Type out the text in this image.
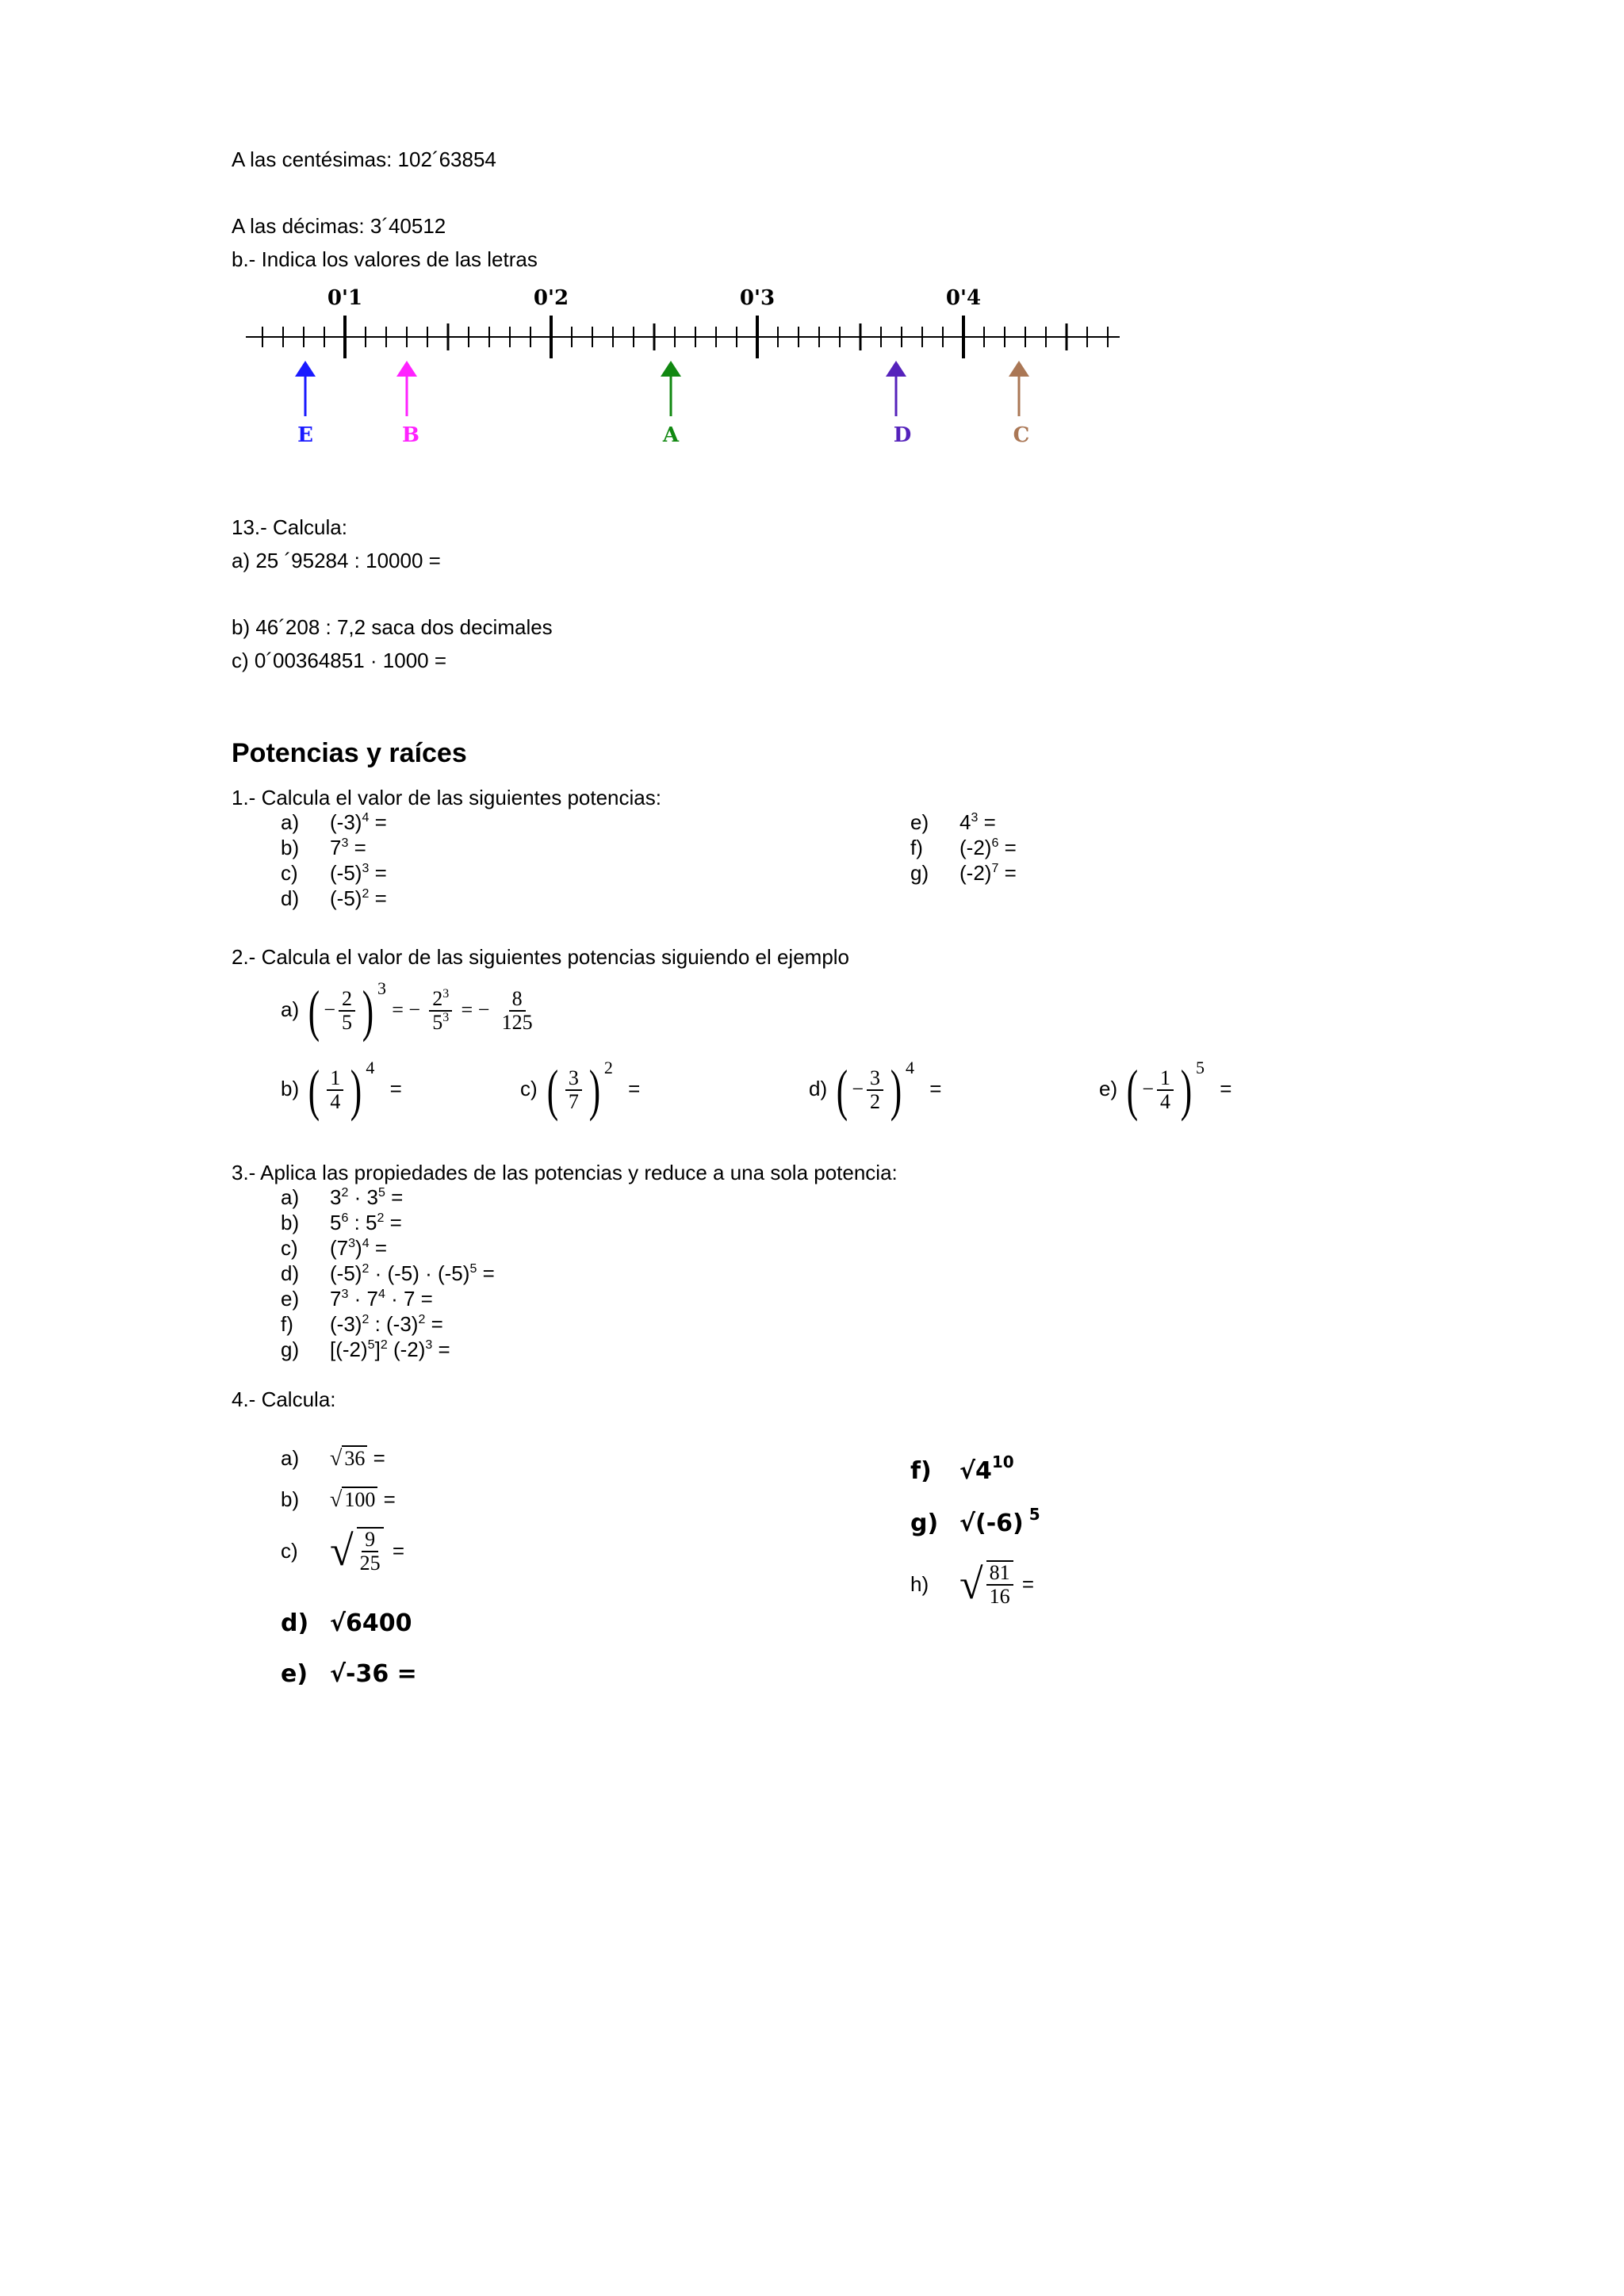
A las centésimas: 102´63854
A las décimas: 3´40512
b.- Indica los valores de las letras
0'1	0'2	0'3	0'4
E	B	A	D	C
13.- Calcula:
a) 25 ´95284 : 10000 =
b) 46´208 : 7,2 saca dos decimales
c) 0´00364851 · 1000 =
Potencias y raíces
1.- Calcula el valor de las siguientes potencias:
a) $(-3)^4$ =
b) $7^3$ =
c) $(-5)^3$ =
d) $(-5)^2$ =
e) $4^3$ =
f) $(-2)^6$ =
g) $(-2)^7$ =
2.- Calcula el valor de las siguientes potencias siguiendo el ejemplo
a) ( − $\frac{2}{5}$ ) $^3$ = − $\frac{2^3}{5^3}$ = − $\frac{8}{125}$
b) ( $\frac{1}{4}$ ) $^4$ =	c) ( $\frac{3}{7}$ ) $^2$ =	d) ( − $\frac{3}{2}$ ) $^4$ =	e) ( − $\frac{1}{4}$ ) $^5$ =
3.- Aplica las propiedades de las potencias y reduce a una sola potencia:
a) $3^2 \cdot 3^5$ =
b) $5^6$ : $5^2$ =
c) $(7^3)^4$ =
d) $(-5)^2 \cdot (-5) \cdot (-5)^5$ =
e) $7^3 \cdot 7^4 \cdot 7$ =
f) $(-3)^2$ : $(-3)^2$ =
g) $[(-2)^5]^2$ $(-2)^3$ =
4.- Calcula:
a) √ 36 =
b) √ 100 =
c) √ $\frac{9}{25}$ =
d) √6400
e) √-36 =
f) $√4^{10}$
g) √(-6) $^5$
h) √ $\frac{81}{16}$ =
